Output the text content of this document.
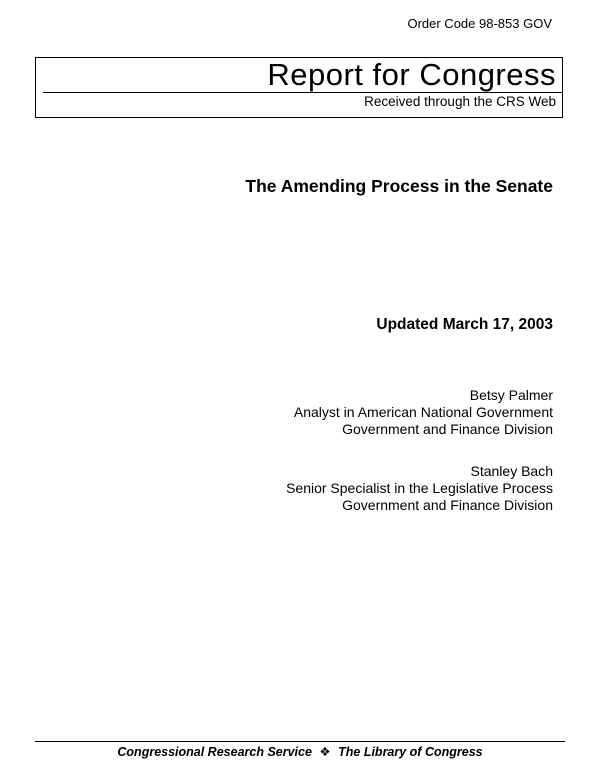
Order Code 98-853 GOV
Report for Congress
Received through the CRS Web
The Amending Process in the Senate
Updated March 17, 2003
Betsy Palmer
Analyst in American National Government
Government and Finance Division
Stanley Bach
Senior Specialist in the Legislative Process
Government and Finance Division
Congressional Research Service ❖ The Library of Congress
